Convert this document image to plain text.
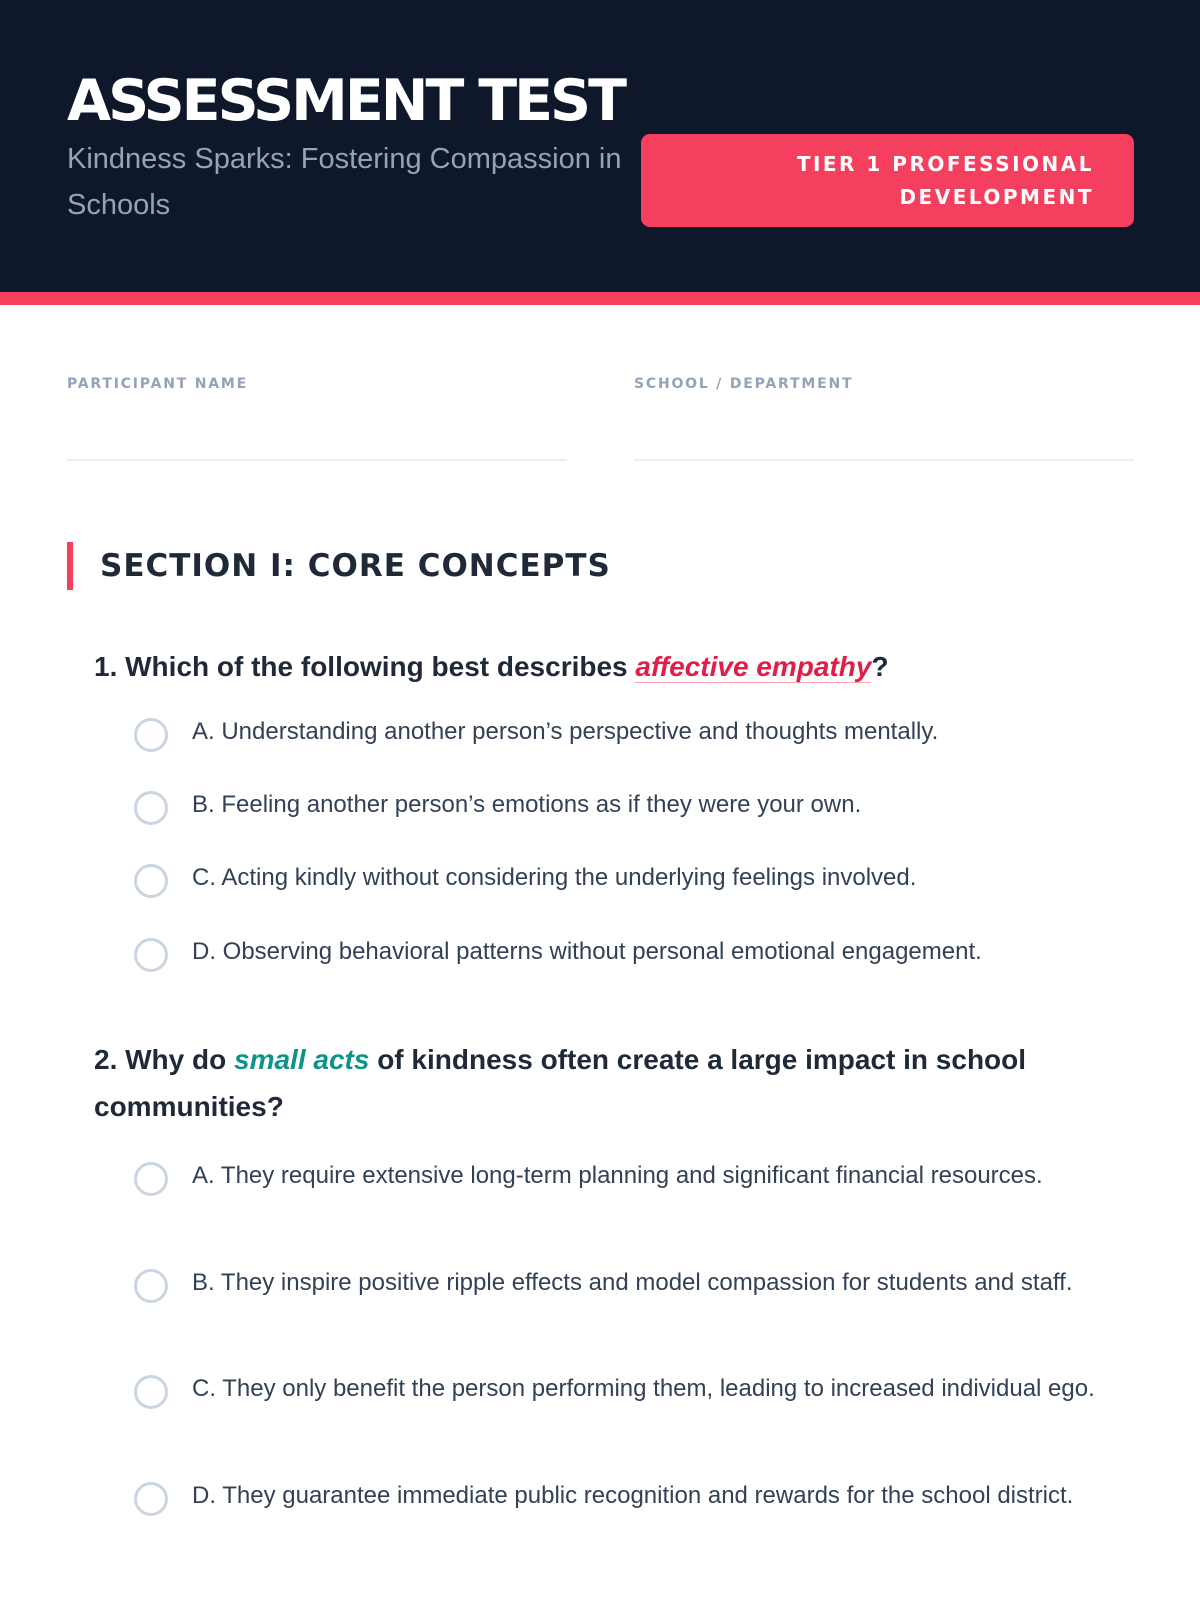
ASSESSMENT TEST

Kindness Sparks: Fostering Compassion in Schools

TIER 1 PROFESSIONAL
DEVELOPMENT
PARTICIPANT NAME	SCHOOL / DEPARTMENT
SECTION I: CORE CONCEPTS
1. Which of the following best describes affective empathy?
A. Understanding another person’s perspective and thoughts mentally.
B. Feeling another person’s emotions as if they were your own.
C. Acting kindly without considering the underlying feelings involved.
D. Observing behavioral patterns without personal emotional engagement.
2. Why do small acts of kindness often create a large impact in school communities?
A. They require extensive long-term planning and significant financial resources.
B. They inspire positive ripple effects and model compassion for students and staff.
C. They only benefit the person performing them, leading to increased individual ego.
D. They guarantee immediate public recognition and rewards for the school district.
